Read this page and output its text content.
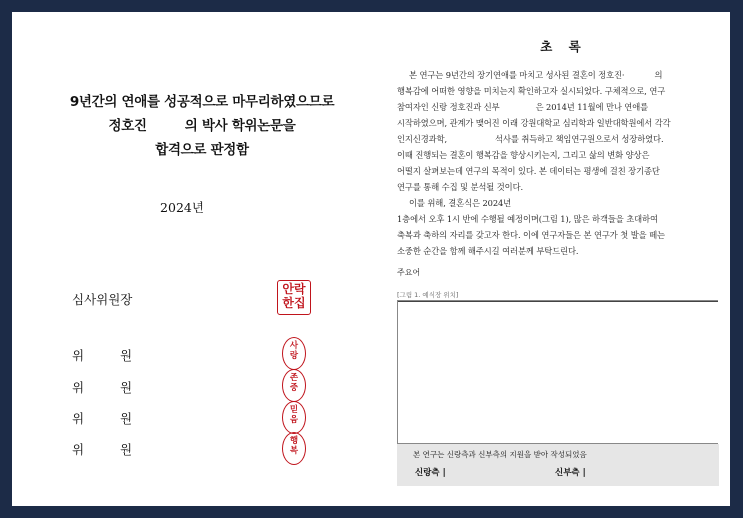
9년간의 연애를 성공적으로 마무리하였으므로
정호진	의 박사 학위논문을
합격으로 판정함
2024년
심사위원장
안락
한집
위	원
사
랑
위	원
존
중
위	원
믿
음
위	원
행
복
초 록

본 연구는 9년간의 장기연애를 마치고 성사된 결혼이 정호진·	의

행복감에 어떠한 영향을 미치는지 확인하고자 실시되었다. 구체적으로, 연구

참여자인 신랑 정호진과 신부	은 2014년 11월에 만나 연애를

시작하였으며, 관계가 맺어진 이래 강원대학교 심리학과 일반대학원에서 각각

인지신경과학,	석사를 취득하고 책임연구원으로서 성장하였다.

이때 진행되는 결혼이 행복감을 향상시키는지, 그리고 삶의 변화 양상은

어떨지 살펴보는데 연구의 목적이 있다. 본 데이터는 평생에 걸친 장기종단

연구를 통해 수집 및 분석될 것이다.

이를 위해, 결혼식은 2024년

1층에서 오후 1시 반에 수행될 예정이며(그림 1), 많은 하객들을 초대하여

축복과 축하의 자리를 갖고자 한다. 이에 연구자들은 본 연구가 첫 발을 떼는

소중한 순간을 함께 해주시길 여러분께 부탁드린다.

주요어
[그림 1. 예식장 위치]
본 연구는 신랑측과 신부측의 지원을 받아 작성되었음
신랑측 |	신부측 |
